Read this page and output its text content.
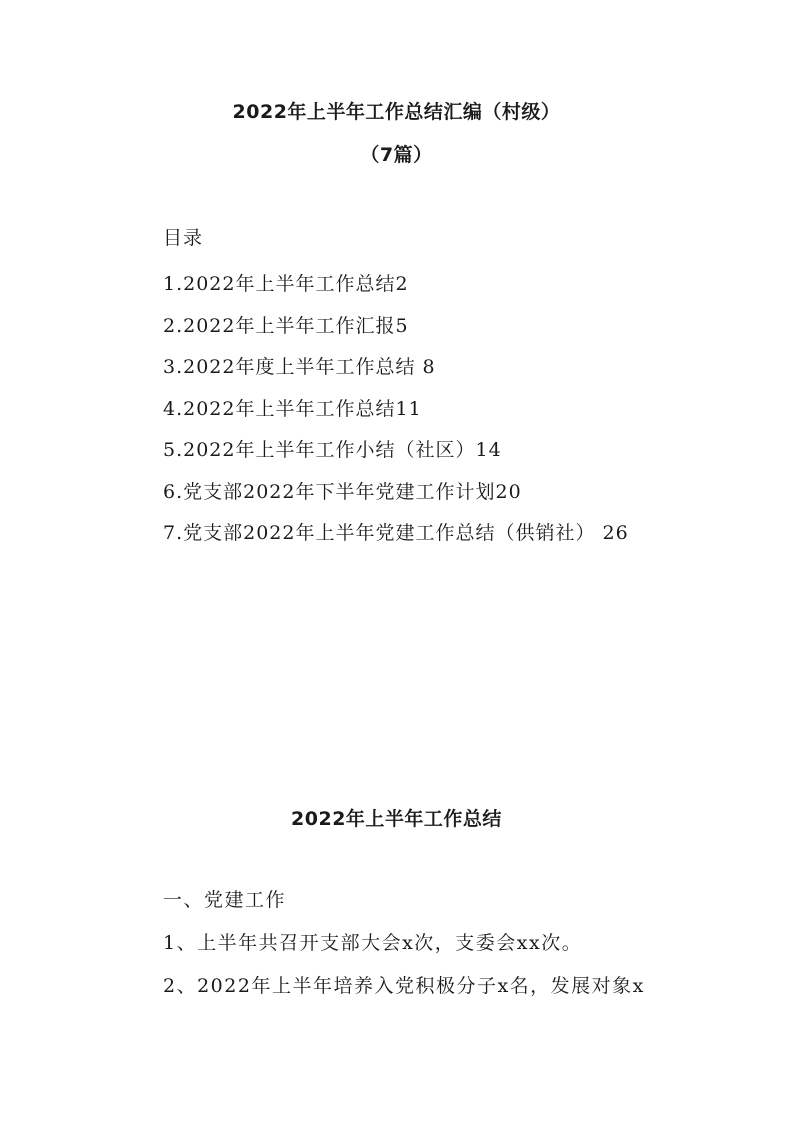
2022年上半年工作总结汇编（村级）
（7篇）
目录
1.2022年上半年工作总结2
2.2022年上半年工作汇报5
3.2022年度上半年工作总结 8
4.2022年上半年工作总结11
5.2022年上半年工作小结（社区）14
6.党支部2022年下半年党建工作计划20
7.党支部2022年上半年党建工作总结（供销社） 26
2022年上半年工作总结

一、党建工作

1、上半年共召开支部大会x次，支委会xx次。

2、2022年上半年培养入党积极分子x名，发展对象x
